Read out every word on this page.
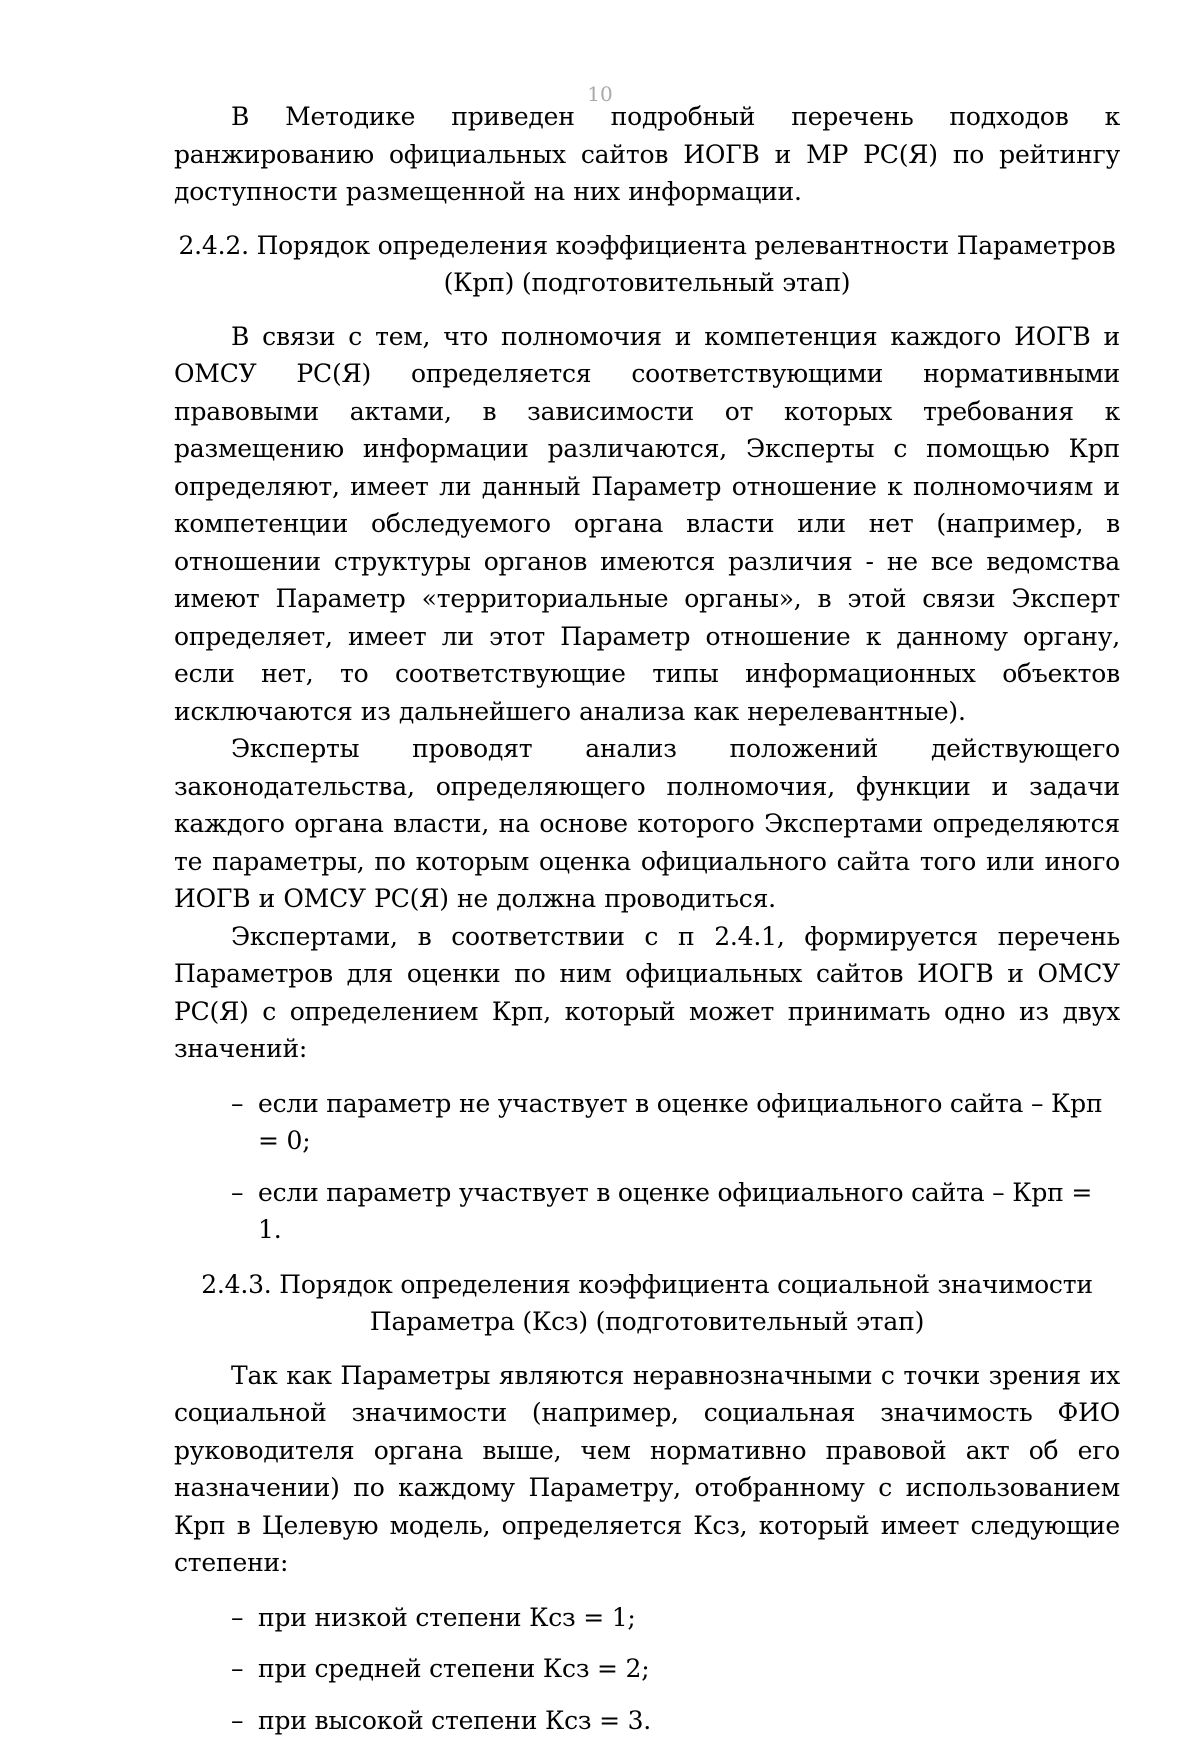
10

В Методике приведен подробный перечень подходов к ранжированию официальных сайтов ИОГВ и МР РС(Я) по рейтингу доступности размещенной на них информации.

2.4.2. Порядок определения коэффициента релевантности Параметров

(Крп) (подготовительный этап)

В связи с тем, что полномочия и компетенция каждого ИОГВ и ОМСУ РС(Я) определяется соответствующими нормативными правовыми актами, в зависимости от которых требования к размещению информации различаются, Эксперты с помощью Крп определяют, имеет ли данный Параметр отношение к полномочиям и компетенции обследуемого органа власти или нет (например, в отношении структуры органов имеются различия - не все ведомства имеют Параметр «территориальные органы», в этой связи Эксперт определяет, имеет ли этот Параметр отношение к данному органу, если нет, то соответствующие типы информационных объектов исключаются из дальнейшего анализа как нерелевантные).

Эксперты проводят анализ положений действующего законодательства, определяющего полномочия, функции и задачи каждого органа власти, на основе которого Экспертами определяются те параметры, по которым оценка официального сайта того или иного ИОГВ и ОМСУ РС(Я) не должна проводиться.

Экспертами, в соответствии с п 2.4.1, формируется перечень Параметров для оценки по ним официальных сайтов ИОГВ и ОМСУ РС(Я) с определением Крп, который может принимать одно из двух значений:

– если параметр не участвует в оценке официального сайта – Крп = 0;
– если параметр участвует в оценке официального сайта – Крп = 1.

2.4.3. Порядок определения коэффициента социальной значимости

Параметра (Ксз) (подготовительный этап)

Так как Параметры являются неравнозначными с точки зрения их социальной значимости (например, социальная значимость ФИО руководителя органа выше, чем нормативно правовой акт об его назначении) по каждому Параметру, отобранному с использованием Крп в Целевую модель, определяется Ксз, который имеет следующие степени:

– при низкой степени Ксз = 1;
– при средней степени Ксз = 2;
– при высокой степени Ксз = 3.
